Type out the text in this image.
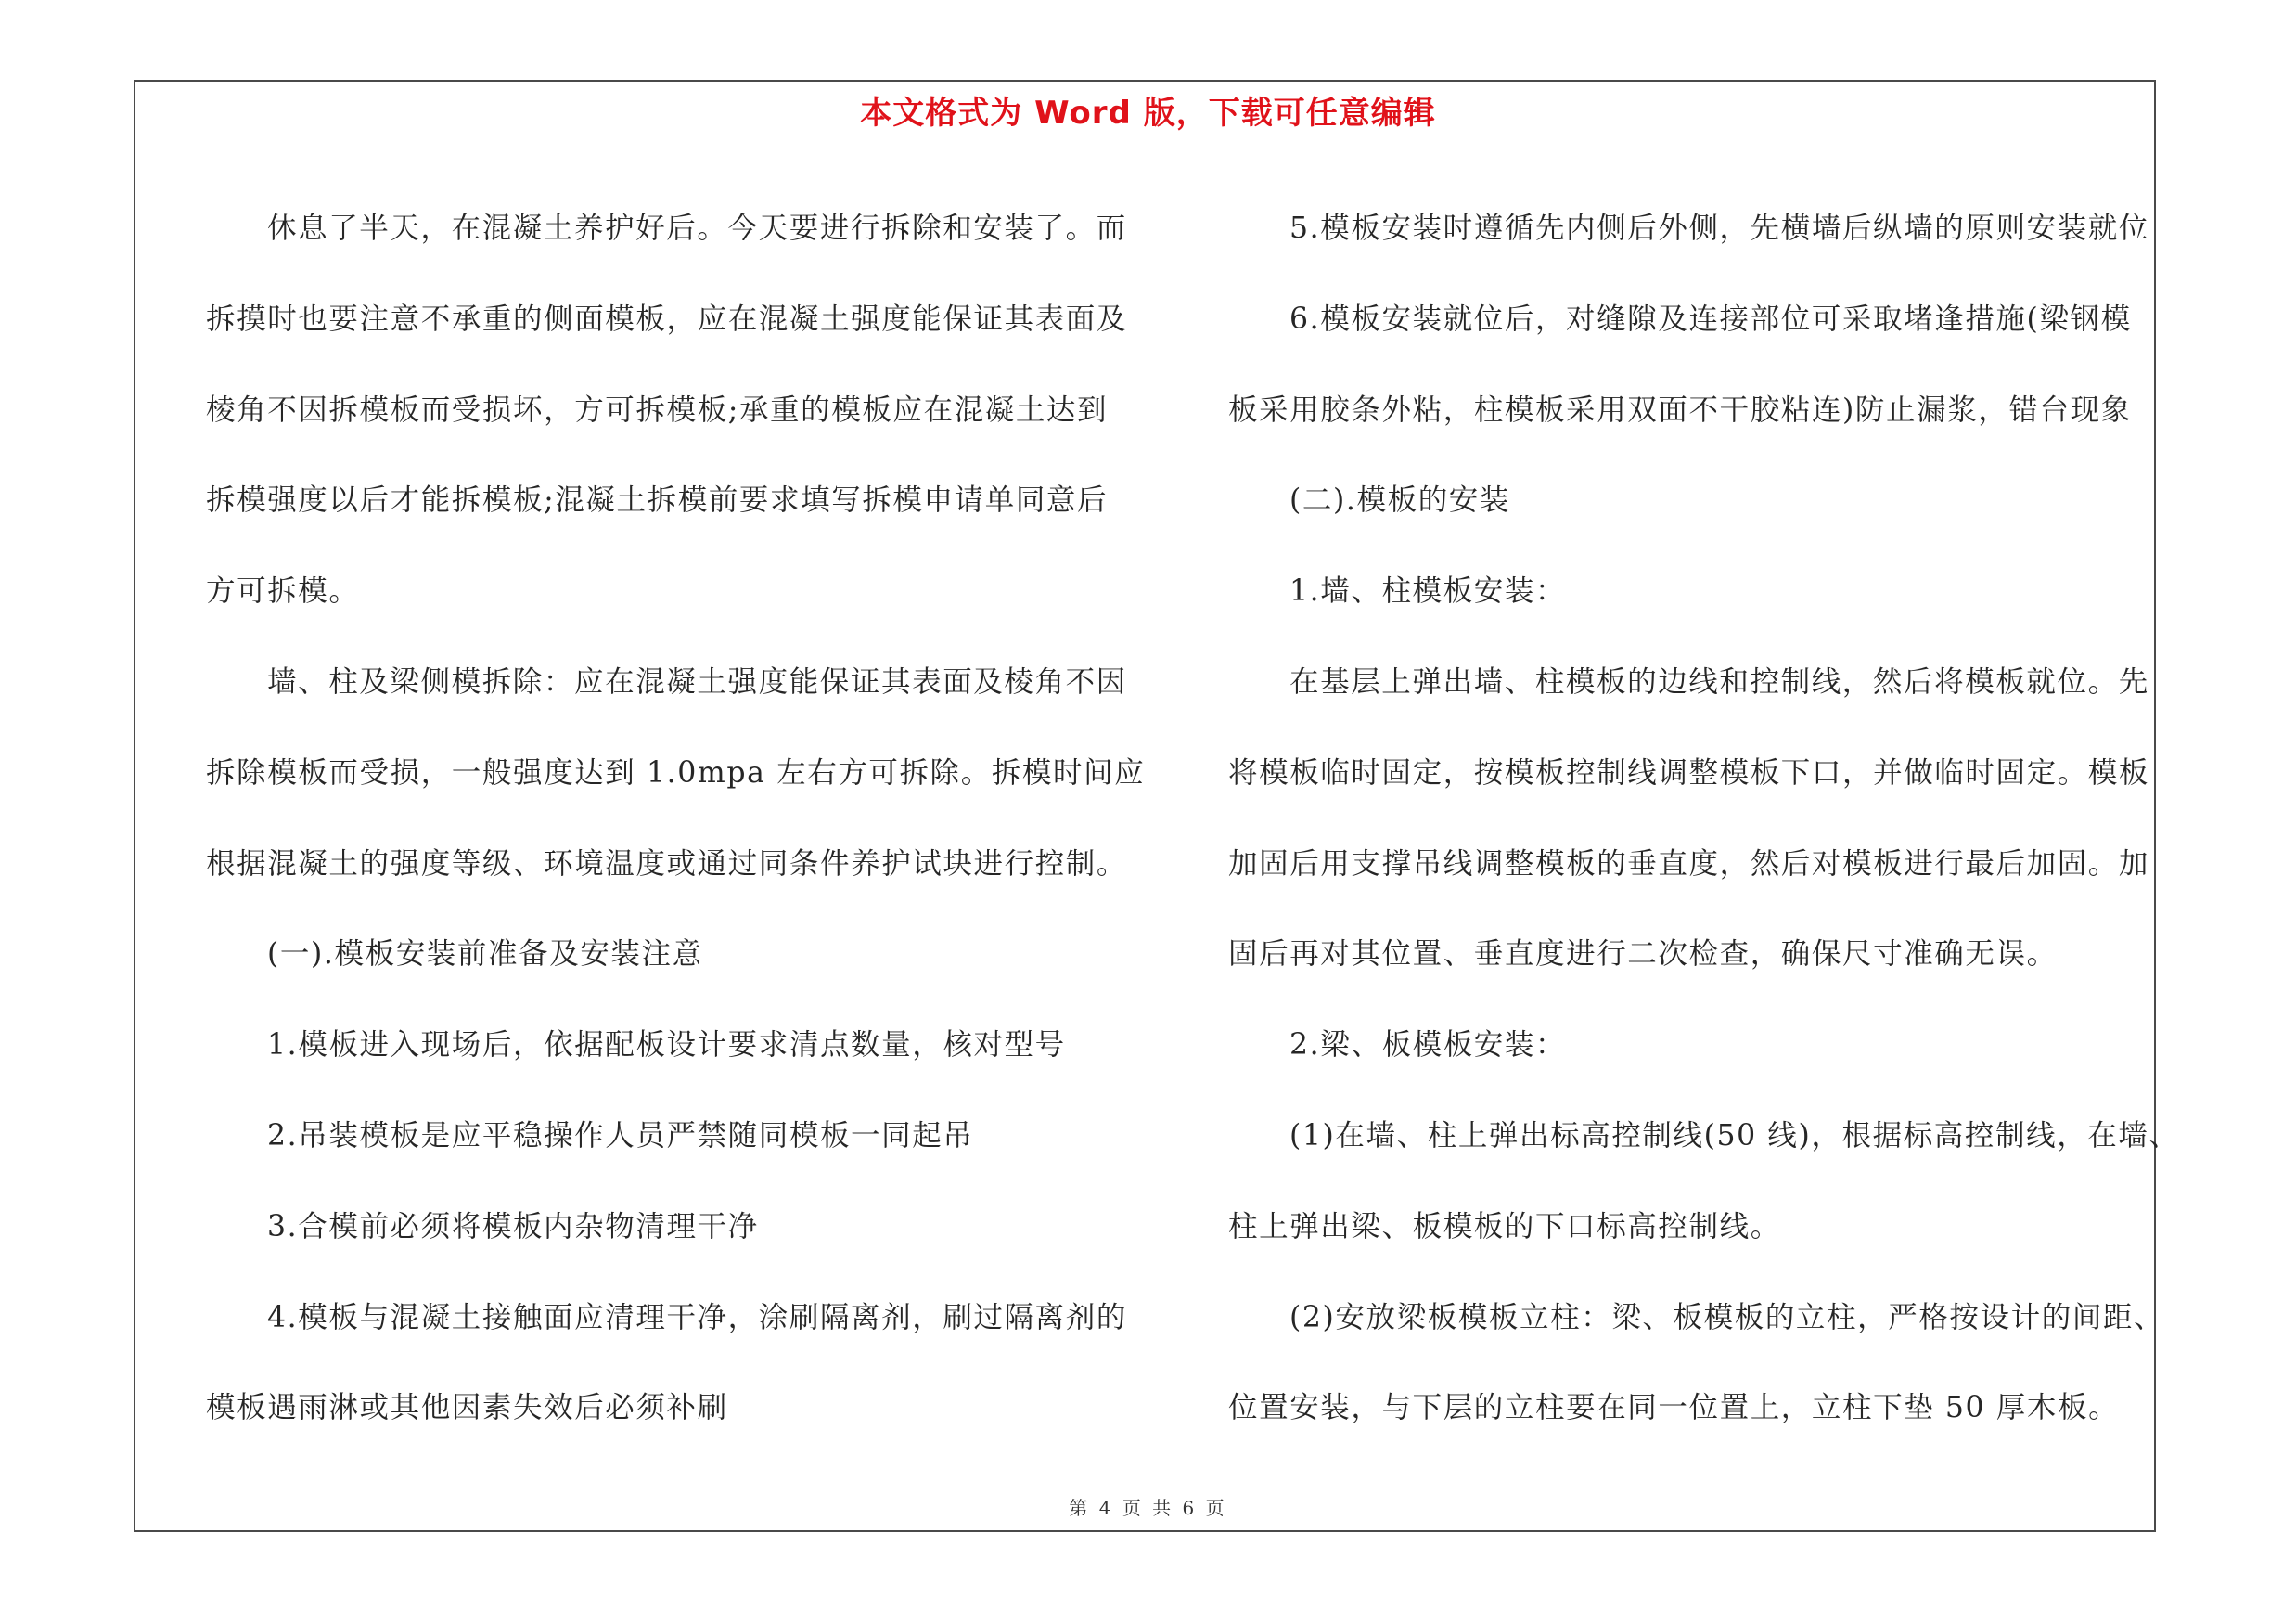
本文格式为 Word 版，下载可任意编辑
休息了半天，在混凝土养护好后。今天要进行拆除和安装了。而
拆摸时也要注意不承重的侧面模板，应在混凝土强度能保证其表面及
棱角不因拆模板而受损坏，方可拆模板;承重的模板应在混凝土达到
拆模强度以后才能拆模板;混凝土拆模前要求填写拆模申请单同意后
方可拆模。
墙、柱及梁侧模拆除：应在混凝土强度能保证其表面及棱角不因
拆除模板而受损，一般强度达到 1.0mpa 左右方可拆除。拆模时间应
根据混凝土的强度等级、环境温度或通过同条件养护试块进行控制。
(一).模板安装前准备及安装注意
1.模板进入现场后，依据配板设计要求清点数量，核对型号
2.吊装模板是应平稳操作人员严禁随同模板一同起吊
3.合模前必须将模板内杂物清理干净
4.模板与混凝土接触面应清理干净，涂刷隔离剂，刷过隔离剂的
模板遇雨淋或其他因素失效后必须补刷
5.模板安装时遵循先内侧后外侧，先横墙后纵墙的原则安装就位
6.模板安装就位后，对缝隙及连接部位可采取堵逢措施(梁钢模
板采用胶条外粘，柱模板采用双面不干胶粘连)防止漏浆，错台现象
(二).模板的安装
1.墙、柱模板安装：
在基层上弹出墙、柱模板的边线和控制线，然后将模板就位。先
将模板临时固定，按模板控制线调整模板下口，并做临时固定。模板
加固后用支撑吊线调整模板的垂直度，然后对模板进行最后加固。加
固后再对其位置、垂直度进行二次检查，确保尺寸准确无误。
2.梁、板模板安装：
(1)在墙、柱上弹出标高控制线(50 线)，根据标高控制线，在墙、
柱上弹出梁、板模板的下口标高控制线。
(2)安放梁板模板立柱：梁、板模板的立柱，严格按设计的间距、
位置安装，与下层的立柱要在同一位置上，立柱下垫 50 厚木板。
第 4 页 共 6 页
